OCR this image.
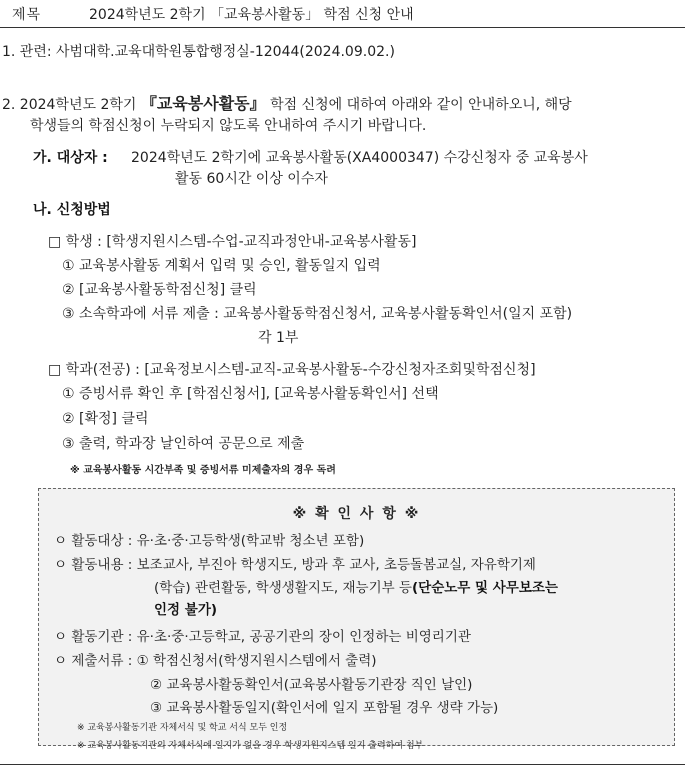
제목	2024학년도 2학기 「교육봉사활동」 학점 신청 안내
1. 관련: 사범대학.교육대학원통합행정실-12044(2024.09.02.)
2. 2024학년도 2학기 『교육봉사활동』 학점 신청에 대하여 아래와 같이 안내하오니, 해당
학생들의 학점신청이 누락되지 않도록 안내하여 주시기 바랍니다.
가. 대상자 : 2024학년도 2학기에 교육봉사활동(XA4000347) 수강신청자 중 교육봉사
활동 60시간 이상 이수자
나. 신청방법
□ 학생 : [학생지원시스템-수업-교직과정안내-교육봉사활동]
① 교육봉사활동 계획서 입력 및 승인, 활동일지 입력
② [교육봉사활동학점신청] 클릭
③ 소속학과에 서류 제출 : 교육봉사활동학점신청서, 교육봉사활동확인서(일지 포함)
각 1부
□ 학과(전공) : [교육정보시스템-교직-교육봉사활동-수강신청자조회및학점신청]
① 증빙서류 확인 후 [학점신청서], [교육봉사활동확인서] 선택
② [확정] 클릭
③ 출력, 학과장 날인하여 공문으로 제출
※ 교육봉사활동 시간부족 및 증빙서류 미제출자의 경우 독려
※ 확 인 사 항 ※
ㅇ 활동대상 : 유·초·중·고등학생(학교밖 청소년 포함)
ㅇ 활동내용 : 보조교사, 부진아 학생지도, 방과 후 교사, 초등돌봄교실, 자유학기제
(학습) 관련활동, 학생생활지도, 재능기부 등(단순노무 및 사무보조는
인정 불가)
ㅇ 활동기관 : 유·초·중·고등학교, 공공기관의 장이 인정하는 비영리기관
ㅇ 제출서류 : ① 학점신청서(학생지원시스템에서 출력)
② 교육봉사활동확인서(교육봉사활동기관장 직인 날인)
③ 교육봉사활동일지(확인서에 일지 포함될 경우 생략 가능)
※ 교육봉사활동기관 자체서식 및 학교 서식 모두 인정
※ 교육봉사활동기관의 자체서식에 일지가 없을 경우 학생지원지스템 일지 출력하여 첨부
